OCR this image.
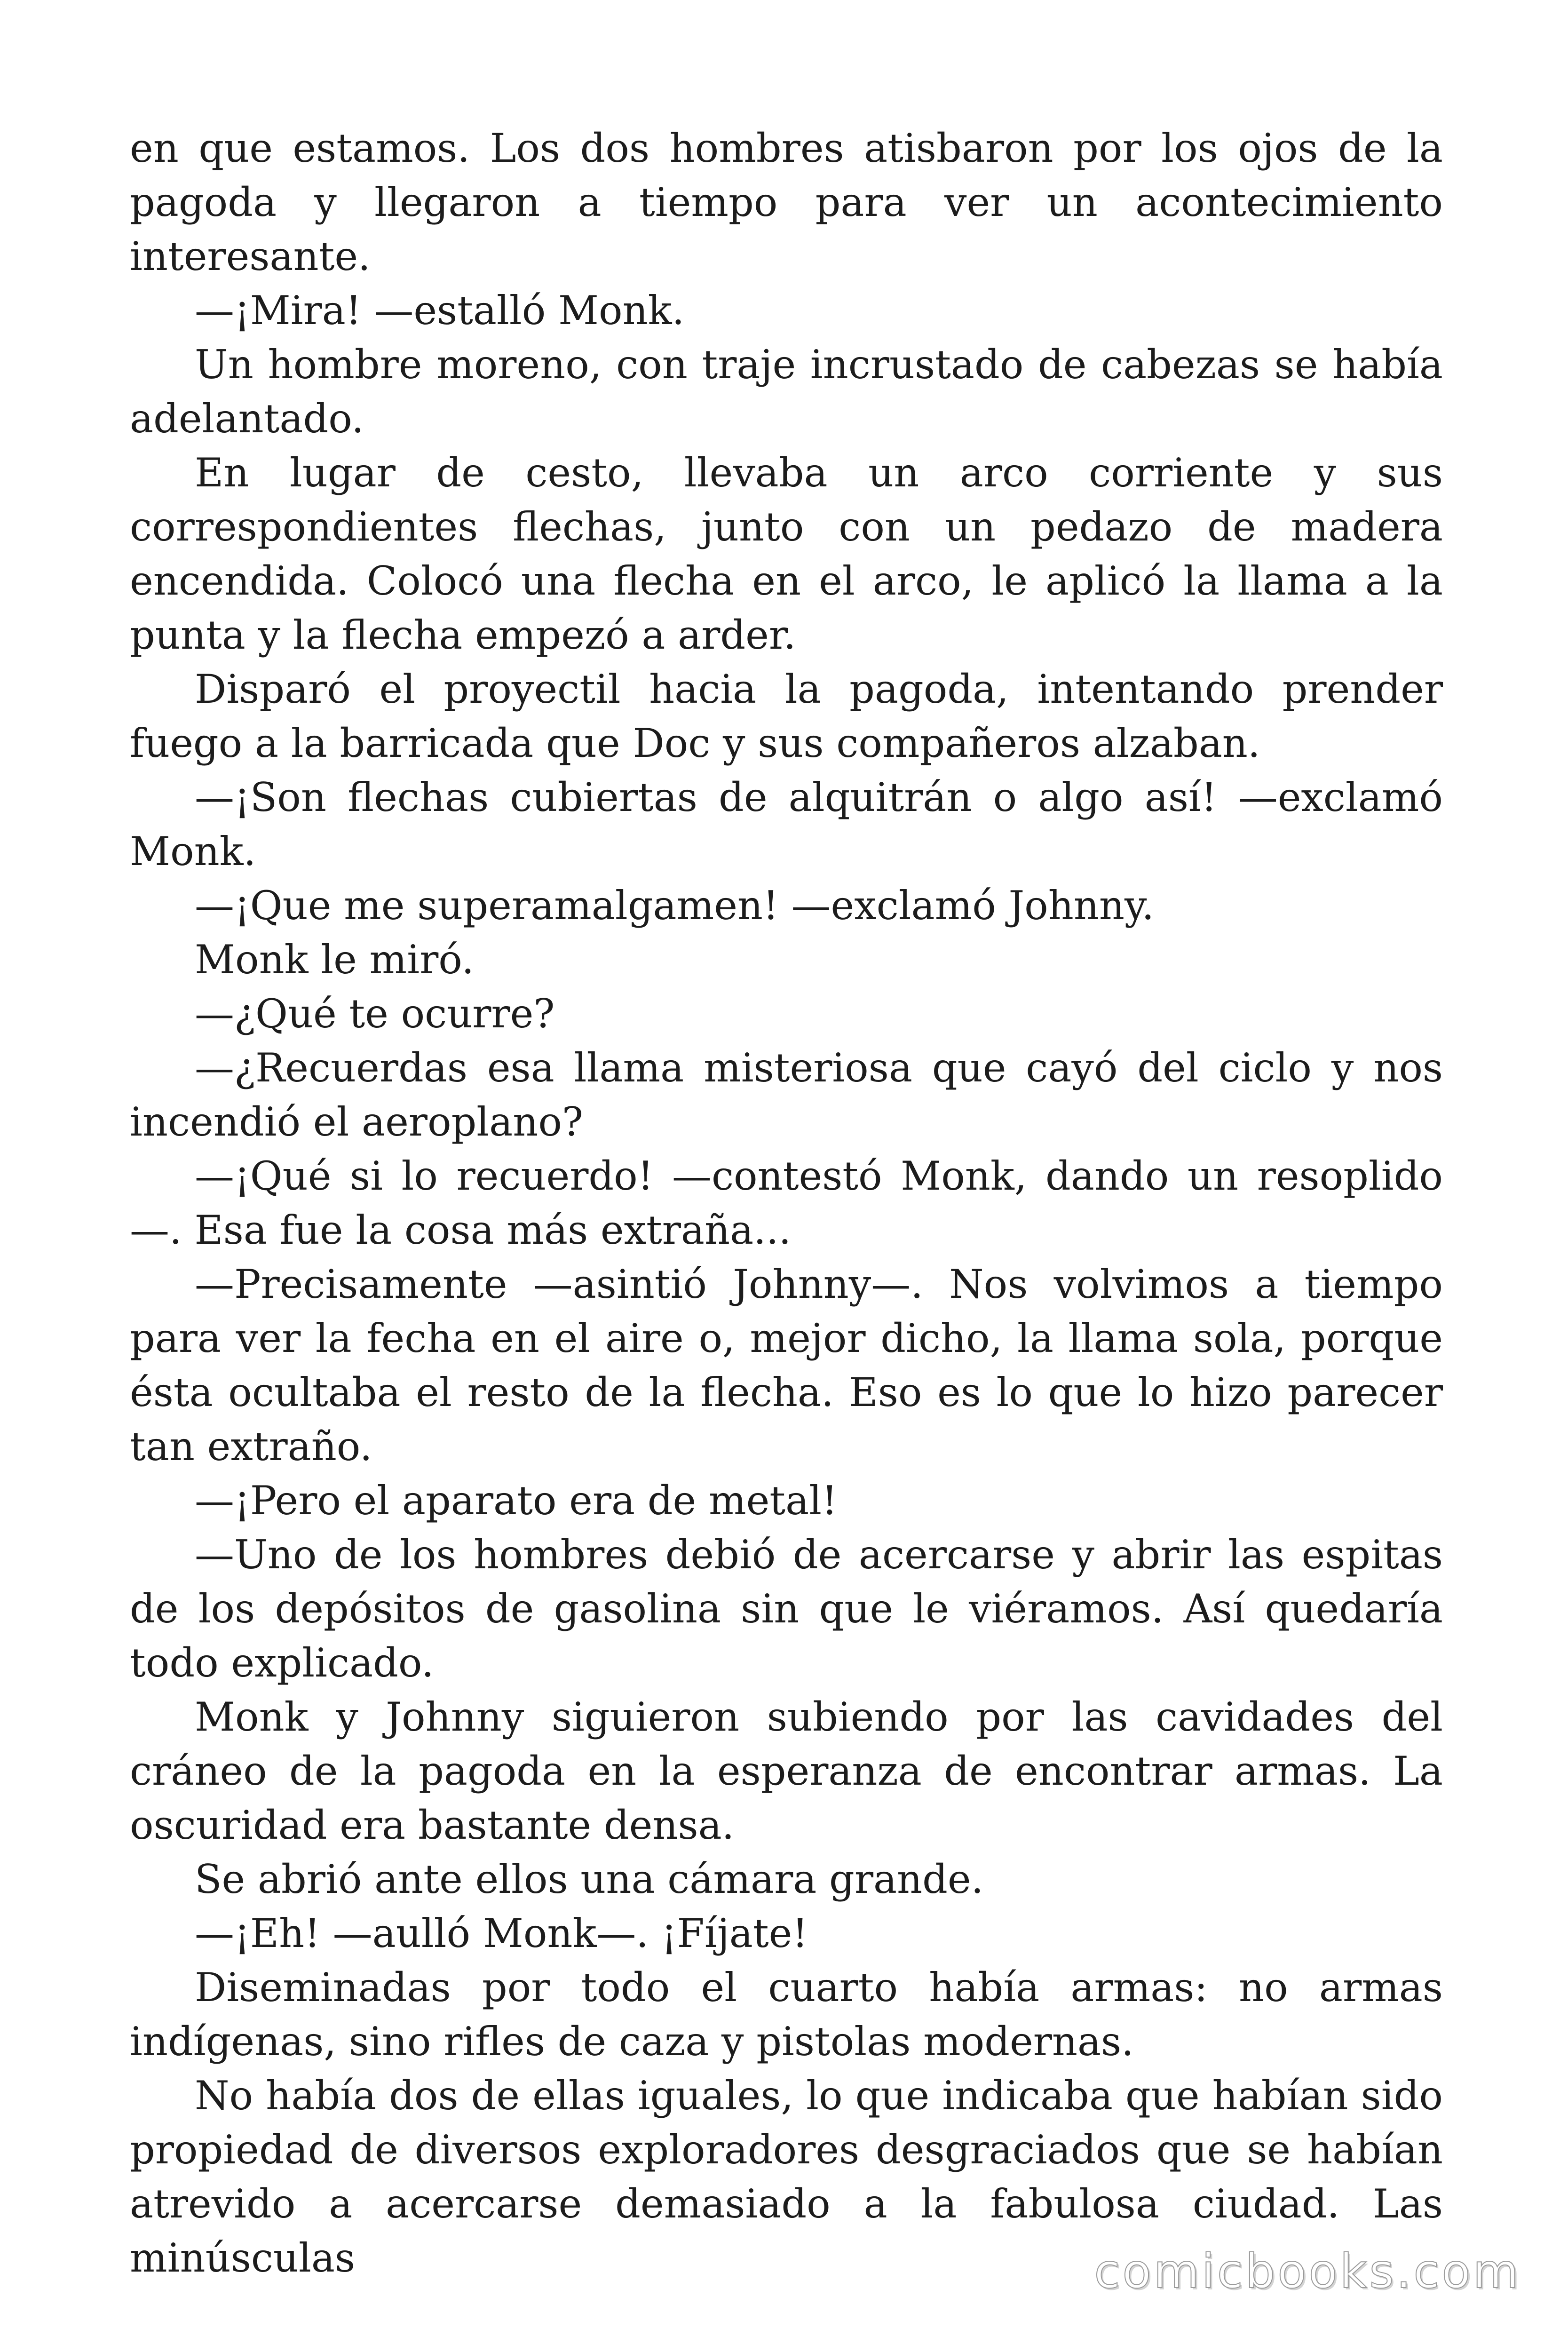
en que estamos. Los dos hombres atisbaron por los ojos de la pagoda y llegaron a tiempo para ver un acontecimiento interesante.

—¡Mira! —estalló Monk.

Un hombre moreno, con traje incrustado de cabezas se había adelantado.

En lugar de cesto, llevaba un arco corriente y sus correspondientes flechas, junto con un pedazo de madera encendida. Colocó una flecha en el arco, le aplicó la llama a la punta y la flecha empezó a arder.

Disparó el proyectil hacia la pagoda, intentando prender fuego a la barricada que Doc y sus compañeros alzaban.

—¡Son flechas cubiertas de alquitrán o algo así! —exclamó Monk.

—¡Que me superamalgamen! —exclamó Johnny.

Monk le miró.

—¿Qué te ocurre?

—¿Recuerdas esa llama misteriosa que cayó del ciclo y nos incendió el aeroplano?

—¡Qué si lo recuerdo! —contestó Monk, dando un resoplido—. Esa fue la cosa más extraña...

—Precisamente —asintió Johnny—. Nos volvimos a tiempo para ver la fecha en el aire o, mejor dicho, la llama sola, porque ésta ocultaba el resto de la flecha. Eso es lo que lo hizo parecer tan extraño.

—¡Pero el aparato era de metal!

—Uno de los hombres debió de acercarse y abrir las espitas de los depósitos de gasolina sin que le viéramos. Así quedaría todo explicado.

Monk y Johnny siguieron subiendo por las cavidades del cráneo de la pagoda en la esperanza de encontrar armas. La oscuridad era bastante densa.

Se abrió ante ellos una cámara grande.

—¡Eh! —aulló Monk—. ¡Fíjate!

Diseminadas por todo el cuarto había armas: no armas indígenas, sino rifles de caza y pistolas modernas.

No había dos de ellas iguales, lo que indicaba que habían sido propiedad de diversos exploradores desgraciados que se habían atrevido a acercarse demasiado a la fabulosa ciudad. Las minúsculas	comicbooks.com
